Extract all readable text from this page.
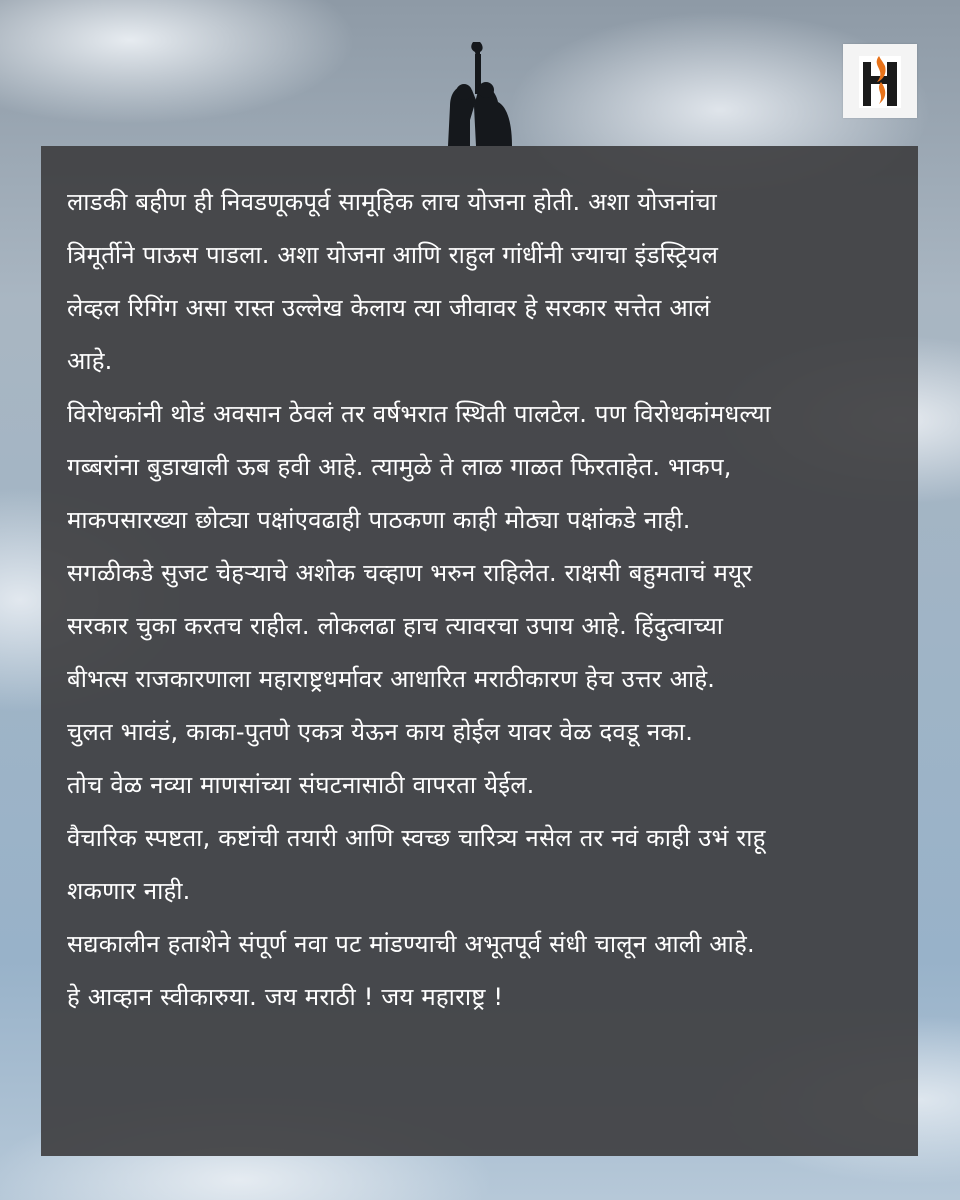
लाडकी बहीण ही निवडणूकपूर्व सामूहिक लाच योजना होती. अशा योजनांचा
त्रिमूर्तीने पाऊस पाडला. अशा योजना आणि राहुल गांधींनी ज्याचा इंडस्ट्रियल
लेव्हल रिगिंग असा रास्त उल्लेख केलाय त्या जीवावर हे सरकार सत्तेत आलं
आहे.
विरोधकांनी थोडं अवसान ठेवलं तर वर्षभरात स्थिती पालटेल. पण विरोधकांमधल्या
गब्बरांना बुडाखाली ऊब हवी आहे. त्यामुळे ते लाळ गाळत फिरताहेत. भाकप,
माकपसारख्या छोट्या पक्षांएवढाही पाठकणा काही मोठ्या पक्षांकडे नाही.
सगळीकडे सुजट चेहऱ्याचे अशोक चव्हाण भरुन राहिलेत. राक्षसी बहुमताचं मयूर
सरकार चुका करतच राहील. लोकलढा हाच त्यावरचा उपाय आहे. हिंदुत्वाच्या
बीभत्स राजकारणाला महाराष्ट्रधर्मावर आधारित मराठीकारण हेच उत्तर आहे.
चुलत भावंडं, काका-पुतणे एकत्र येऊन काय होईल यावर वेळ दवडू नका.
तोच वेळ नव्या माणसांच्या संघटनासाठी वापरता येईल.
वैचारिक स्पष्टता, कष्टांची तयारी आणि स्वच्छ चारित्र्य नसेल तर नवं काही उभं राहू
शकणार नाही.
सद्यकालीन हताशेने संपूर्ण नवा पट मांडण्याची अभूतपूर्व संधी चालून आली आहे.
हे आव्हान स्वीकारुया. जय मराठी ! जय महाराष्ट्र !
